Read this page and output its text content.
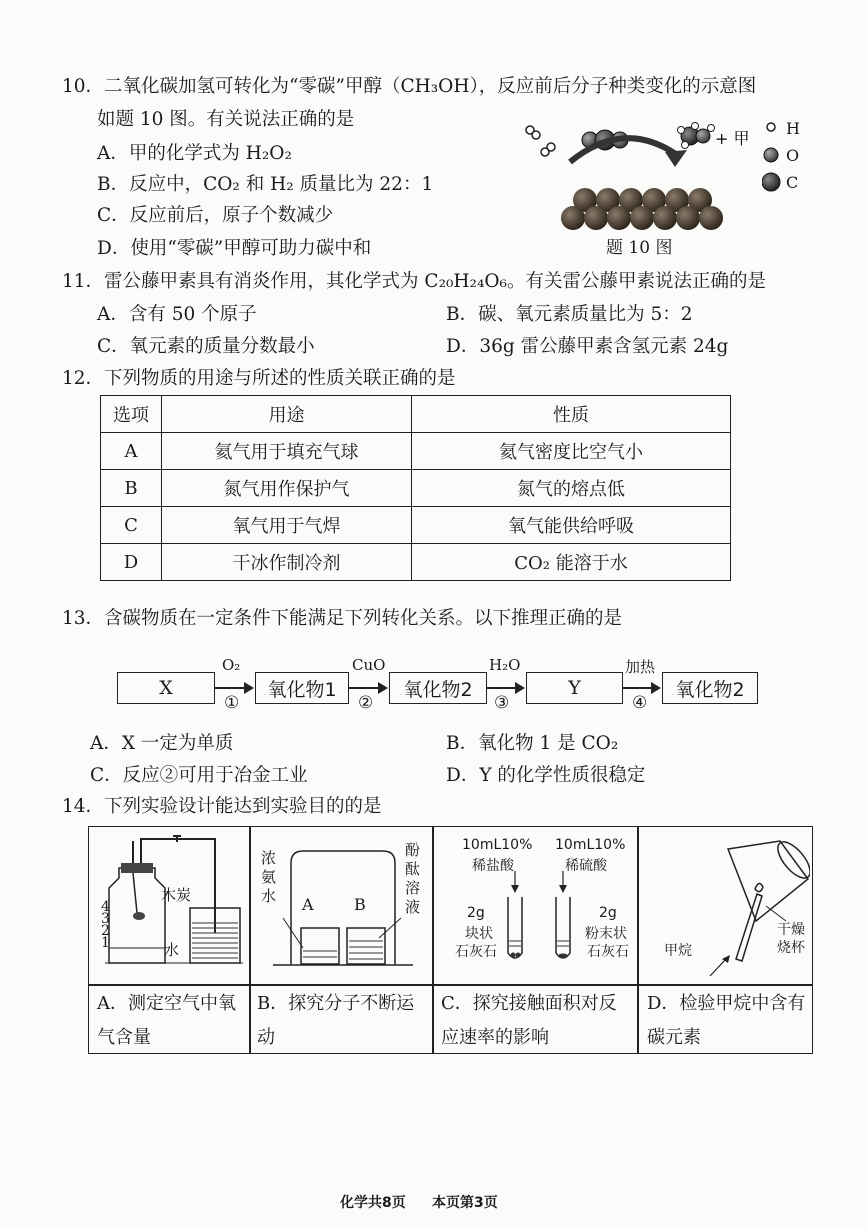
10．二氧化碳加氢可转化为“零碳”甲醇（CH₃OH），反应前后分子种类变化的示意图
如题 10 图。有关说法正确的是
A．甲的化学式为 H₂O₂
B．反应中，CO₂ 和 H₂ 质量比为 22：1
C．反应前后，原子个数减少
D．使用“零碳”甲醇可助力碳中和
+ 甲
H
O
C
题 10 图
11．雷公藤甲素具有消炎作用，其化学式为 C₂₀H₂₄O₆。有关雷公藤甲素说法正确的是
A．含有 50 个原子	B．碳、氧元素质量比为 5：2
C．氧元素的质量分数最小	D．36g 雷公藤甲素含氢元素 24g
12．下列物质的用途与所述的性质关联正确的是
选项	用途	性质
A	氦气用于填充气球	氦气密度比空气小
B	氮气用作保护气	氮气的熔点低
C	氧气用于气焊	氧气能供给呼吸
D	干冰作制冷剂	CO₂ 能溶于水
13．含碳物质在一定条件下能满足下列转化关系。以下推理正确的是
X	氧化物1	氧化物2	Y	氧化物2
O₂	CuO	H₂O	加热
①	②	③	④
A．X 一定为单质	B．氧化物 1 是 CO₂
C．反应②可用于冶金工业	D．Y 的化学性质很稳定
14．下列实验设计能达到实验目的的是
4
3
2
1
木炭
水
浓氨水
酚酞溶液
A	B
10mL10%
稀盐酸
10mL10%
稀硫酸
2g
块状
石灰石
2g
粉末状
石灰石	甲烷
干燥
烧杯
A．测定空气中氧气含量
B．探究分子不断运动
C．探究接触面积对反应速率的影响
D．检验甲烷中含有碳元素
化学共8页 本页第3页
